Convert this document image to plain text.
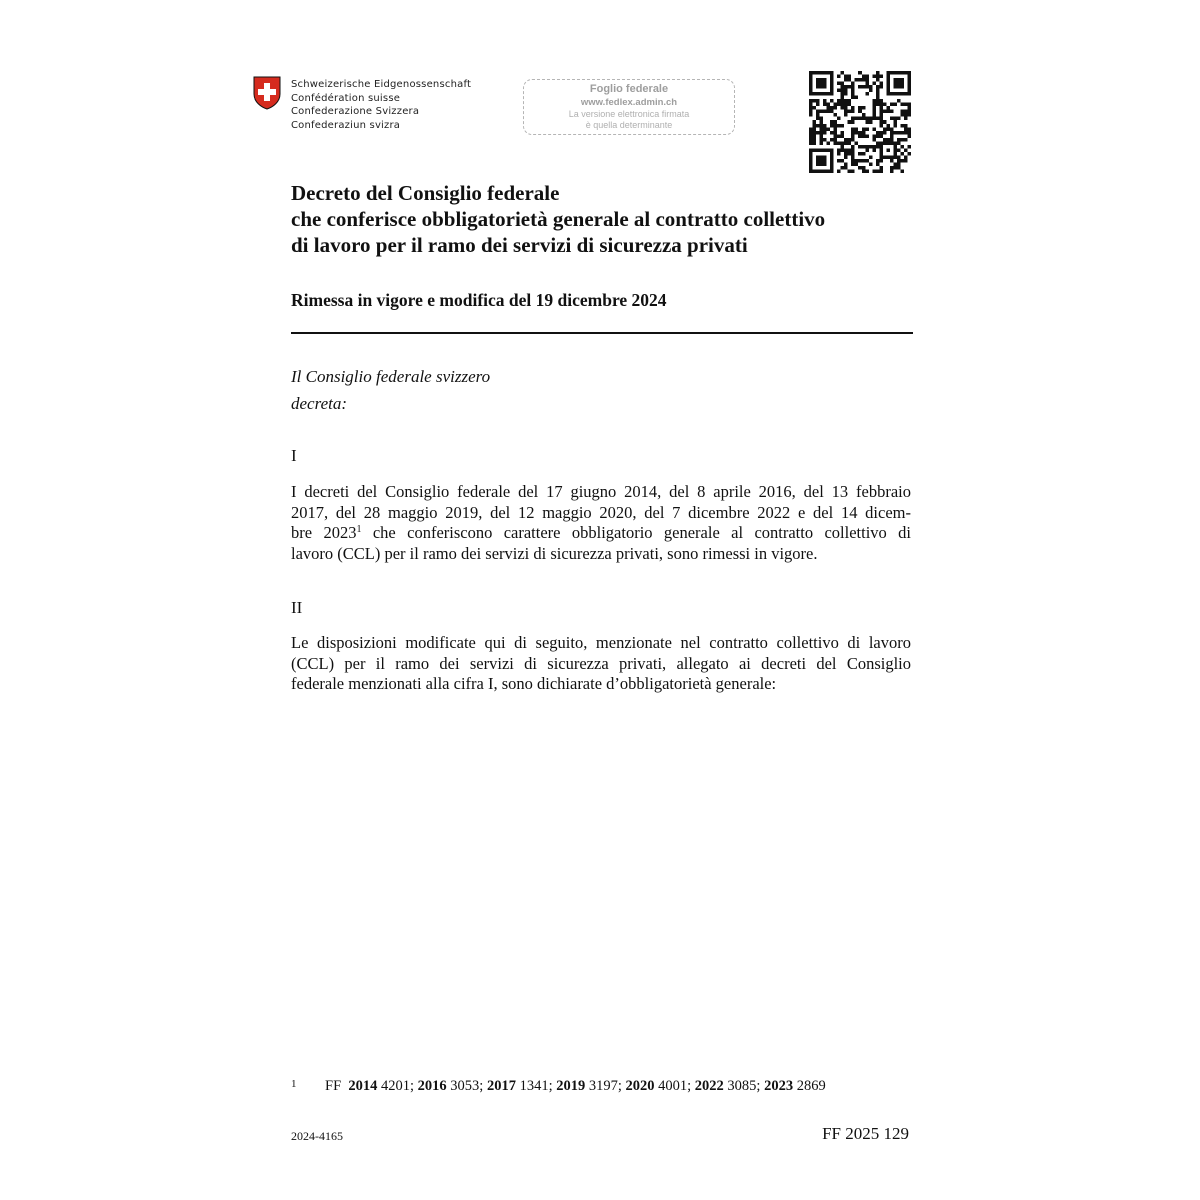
Schweizerische Eidgenossenschaft
Confédération suisse
Confederazione Svizzera
Confederaziun svizra
Foglio federale
www.fedlex.admin.ch
La versione elettronica firmata
è quella determinante
Decreto del Consiglio federale
che conferisce obbligatorietà generale al contratto collettivo
di lavoro per il ramo dei servizi di sicurezza privati
Rimessa in vigore e modifica del 19 dicembre 2024
Il Consiglio federale svizzero
decreta:
I
I decreti del Consiglio federale del 17 giugno 2014, del 8 aprile 2016, del 13 febbraio
2017, del 28 maggio 2019, del 12 maggio 2020, del 7 dicembre 2022 e del 14 dicem-
bre 2023$^1$ che conferiscono carattere obbligatorio generale al contratto collettivo di
lavoro (CCL) per il ramo dei servizi di sicurezza privati, sono rimessi in vigore.
II
Le disposizioni modificate qui di seguito, menzionate nel contratto collettivo di lavoro
(CCL) per il ramo dei servizi di sicurezza privati, allegato ai decreti del Consiglio
federale menzionati alla cifra I, sono dichiarate d’obbligatorietà generale:
1 FF 2014 4201; 2016 3053; 2017 1341; 2019 3197; 2020 4001; 2022 3085; 2023 2869
2024-4165	FF 2025 129
